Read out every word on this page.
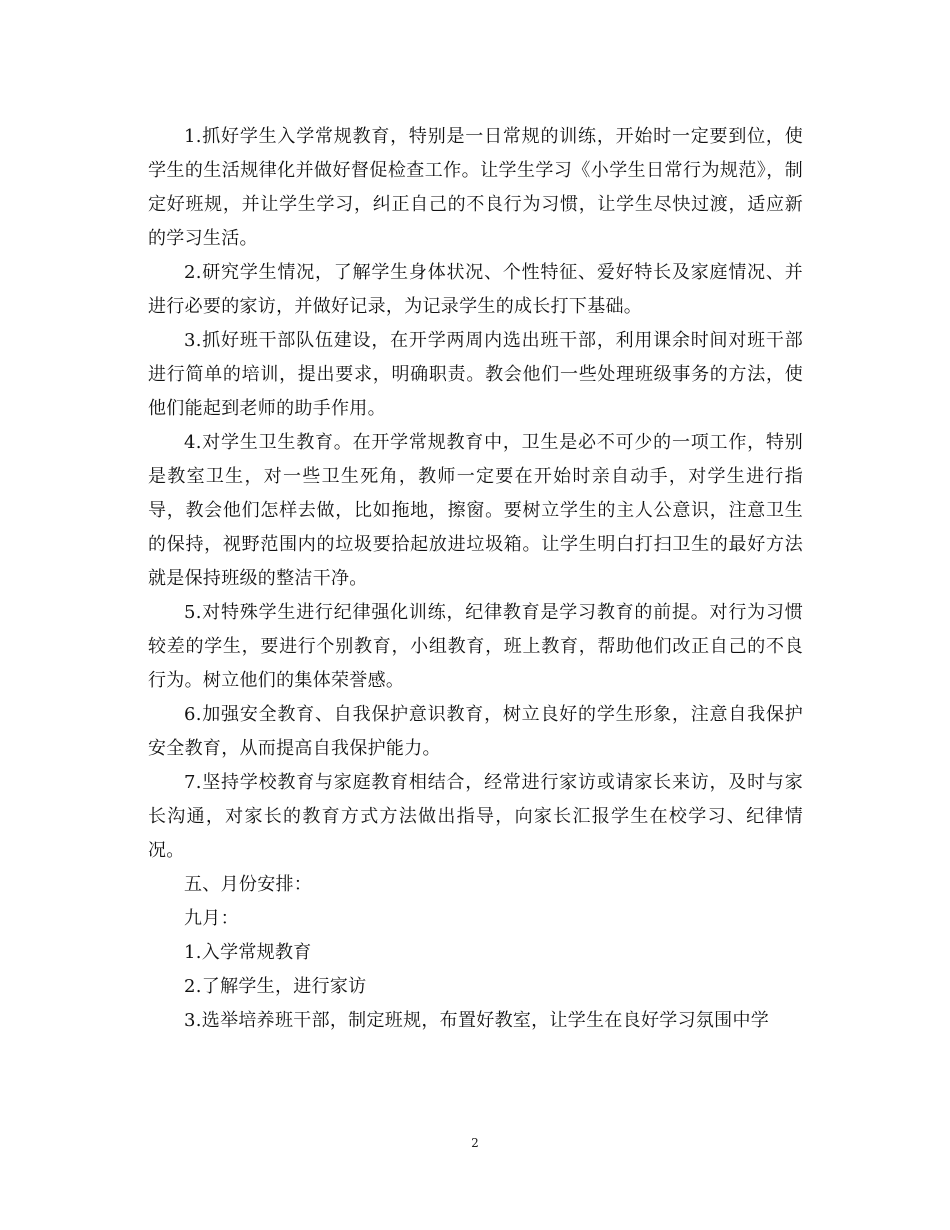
1.抓好学生入学常规教育，特别是一日常规的训练，开始时一定要到位，使学生的生活规律化并做好督促检查工作。让学生学习《小学生日常行为规范》，制定好班规，并让学生学习，纠正自己的不良行为习惯，让学生尽快过渡，适应新的学习生活。

2.研究学生情况，了解学生身体状况、个性特征、爱好特长及家庭情况、并进行必要的家访，并做好记录，为记录学生的成长打下基础。

3.抓好班干部队伍建设，在开学两周内选出班干部，利用课余时间对班干部进行简单的培训，提出要求，明确职责。教会他们一些处理班级事务的方法，使他们能起到老师的助手作用。

4.对学生卫生教育。在开学常规教育中，卫生是必不可少的一项工作，特别是教室卫生，对一些卫生死角，教师一定要在开始时亲自动手，对学生进行指导，教会他们怎样去做，比如拖地，擦窗。要树立学生的主人公意识，注意卫生的保持，视野范围内的垃圾要拾起放进垃圾箱。让学生明白打扫卫生的最好方法就是保持班级的整洁干净。

5.对特殊学生进行纪律强化训练，纪律教育是学习教育的前提。对行为习惯较差的学生，要进行个别教育，小组教育，班上教育，帮助他们改正自己的不良行为。树立他们的集体荣誉感。

6.加强安全教育、自我保护意识教育，树立良好的学生形象，注意自我保护安全教育，从而提高自我保护能力。

7.坚持学校教育与家庭教育相结合，经常进行家访或请家长来访，及时与家长沟通，对家长的教育方式方法做出指导，向家长汇报学生在校学习、纪律情况。

五、月份安排：

九月：

1.入学常规教育

2.了解学生，进行家访

3.选举培养班干部，制定班规，布置好教室，让学生在良好学习氛围中学

2
